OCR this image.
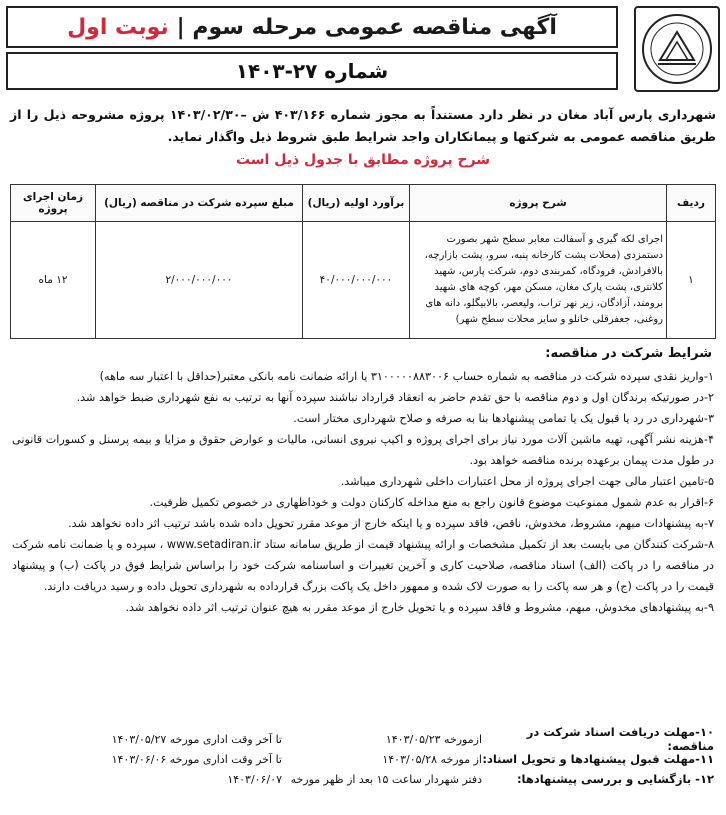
آگهی مناقصه عمومی مرحله سوم |
نوبت اول
شماره ۲۷-۱۴۰۳
شهرداری پارس آباد مغان در نظر دارد مستنداً به مجوز شماره ۴۰۳/۱۶۶ ش –۱۴۰۳/۰۲/۳۰ پروژه مشروحه ذیل را از طریق مناقصه عمومی به شرکتها و پیمانکاران واجد شرایط طبق شروط ذیل واگذار نماید.
شرح پروژه مطابق با جدول ذیل است
ردیف	شرح پروژه	برآورد اولیه (ریال)	مبلغ سپرده شرکت در مناقصه (ریال)	زمان اجرای پروژه
۱	اجرای لکه گیری و آسفالت معابر سطح شهر بصورت دستمزدی (محلات پشت کارخانه پنبه، سرو، پشت بازارچه، بالافرادش، فرودگاه، کمربندی دوم، شرکت پارس، شهید کلانتری، پشت پارک مغان، مسکن مهر، کوچه های شهید برومند، آزادگان، زیر نهر تراب، ولیعصر، بالابیگلو، دانه های روغنی، جعفرقلی خانلو و سایر محلات سطح شهر)	۴۰/۰۰۰/۰۰۰/۰۰۰	۲/۰۰۰/۰۰۰/۰۰۰	۱۲ ماه
شرایط شرکت در مناقصه:

۱-واریز نقدی سپرده شرکت در مناقصه به شماره حساب ۳۱۰۰۰۰۰۸۸۳۰۰۶ یا ارائه ضمانت نامه بانکی معتبر(حداقل با اعتبار سه ماهه)

۲-در صورتیکه برندگان اول و دوم مناقصه با حق تقدم حاضر به انعقاد قرارداد نباشند سپرده آنها به ترتیب به نفع شهرداری ضبط خواهد شد.

۳-شهرداری در رد یا قبول یک یا تمامی پیشنهادها بنا به صرفه و صلاح شهرداری مختار است.

۴-هزینه نشر آگهی، تهیه ماشین آلات مورد نیاز برای اجرای پروژه و اکیپ نیروی انسانی، مالیات و عوارض حقوق و مزایا و بیمه پرسنل و کسورات قانونی در طول مدت پیمان برعهده برنده مناقصه خواهد بود.

۵-تامین اعتبار مالی جهت اجرای پروژه از محل اعتبارات داخلی شهرداری میباشد.

۶-اقرار به عدم شمول ممنوعیت موضوع قانون راجع به منع مداخله کارکنان دولت و خوداظهاری در خصوص تکمیل ظرفیت.

۷-به پیشنهادات مبهم، مشروط، مخدوش، ناقص، فاقد سپرده و یا اینکه خارج از موعد مقرر تحویل داده شده باشد ترتیب اثر داده نخواهد شد.

۸-شرکت کنندگان می بایست بعد از تکمیل مشخصات و ارائه پیشنهاد قیمت از طریق سامانه ستاد www.setadiran.ir ، سپرده و یا ضمانت نامه شرکت در مناقصه را در پاکت (الف) اسناد مناقصه، صلاحیت کاری و آخرین تغییرات و اساسنامه شرکت خود را براساس شرایط فوق در پاکت (ب) و پیشنهاد قیمت را در پاکت (ج) و هر سه پاکت را به صورت لاک شده و ممهور داخل یک پاکت بزرگ قرارداده به شهرداری تحویل داده و رسید دریافت دارند.

۹-به پیشنهادهای مخدوش، مبهم، مشروط و فاقد سپرده و یا تحویل خارج از موعد مقرر به هیچ عنوان ترتیب اثر داده نخواهد شد.

۱۰-مهلت دریافت اسناد شرکت در مناقصه:
ازمورخه ۱۴۰۳/۰۵/۲۳
تا آخر وقت اداری مورخه ۱۴۰۳/۰۵/۲۷
۱۱-مهلت قبول پیشنهادها و تحویل اسناد:
از مورخه ۱۴۰۳/۰۵/۲۸
تا آخر وقت اداری مورخه ۱۴۰۳/۰۶/۰۶
۱۲- بازگشایی و بررسی پیشنهادها:
دفتر شهردار ساعت ۱۵ بعد از ظهر مورخه
۱۴۰۳/۰۶/۰۷
